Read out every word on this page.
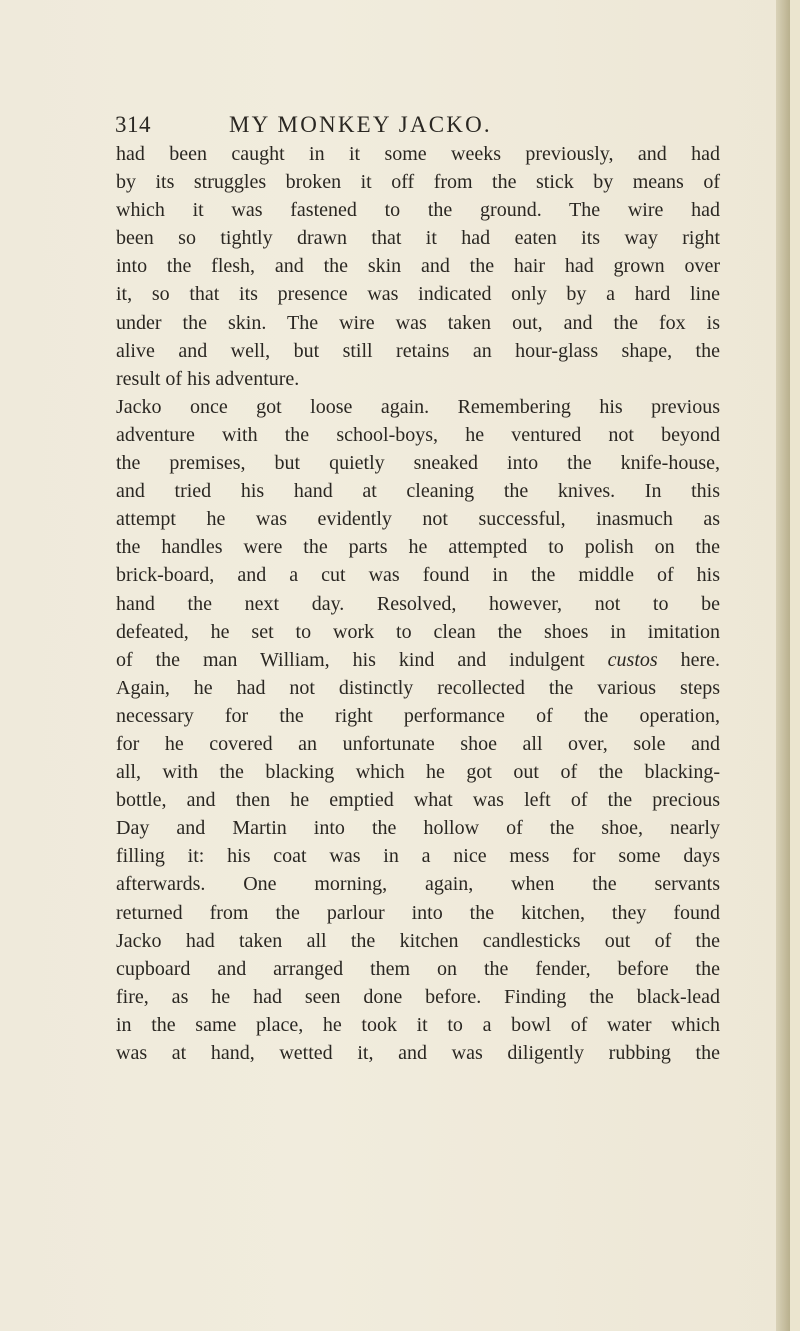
314	MY MONKEY JACKO.
had been caught in it some weeks previously, and had
by its struggles broken it off from the stick by means of
which it was fastened to the ground. The wire had
been so tightly drawn that it had eaten its way right
into the flesh, and the skin and the hair had grown over
it, so that its presence was indicated only by a hard line
under the skin. The wire was taken out, and the fox is
alive and well, but still retains an hour-glass shape, the
result of his adventure.
Jacko once got loose again. Remembering his previous
adventure with the school-boys, he ventured not beyond
the premises, but quietly sneaked into the knife-house,
and tried his hand at cleaning the knives. In this
attempt he was evidently not successful, inasmuch as
the handles were the parts he attempted to polish on the
brick-board, and a cut was found in the middle of his
hand the next day. Resolved, however, not to be
defeated, he set to work to clean the shoes in imitation
of the man William, his kind and indulgent custos here.
Again, he had not distinctly recollected the various steps
necessary for the right performance of the operation,
for he covered an unfortunate shoe all over, sole and
all, with the blacking which he got out of the blacking-
bottle, and then he emptied what was left of the precious
Day and Martin into the hollow of the shoe, nearly
filling it: his coat was in a nice mess for some days
afterwards. One morning, again, when the servants
returned from the parlour into the kitchen, they found
Jacko had taken all the kitchen candlesticks out of the
cupboard and arranged them on the fender, before the
fire, as he had seen done before. Finding the black-lead
in the same place, he took it to a bowl of water which
was at hand, wetted it, and was diligently rubbing the
